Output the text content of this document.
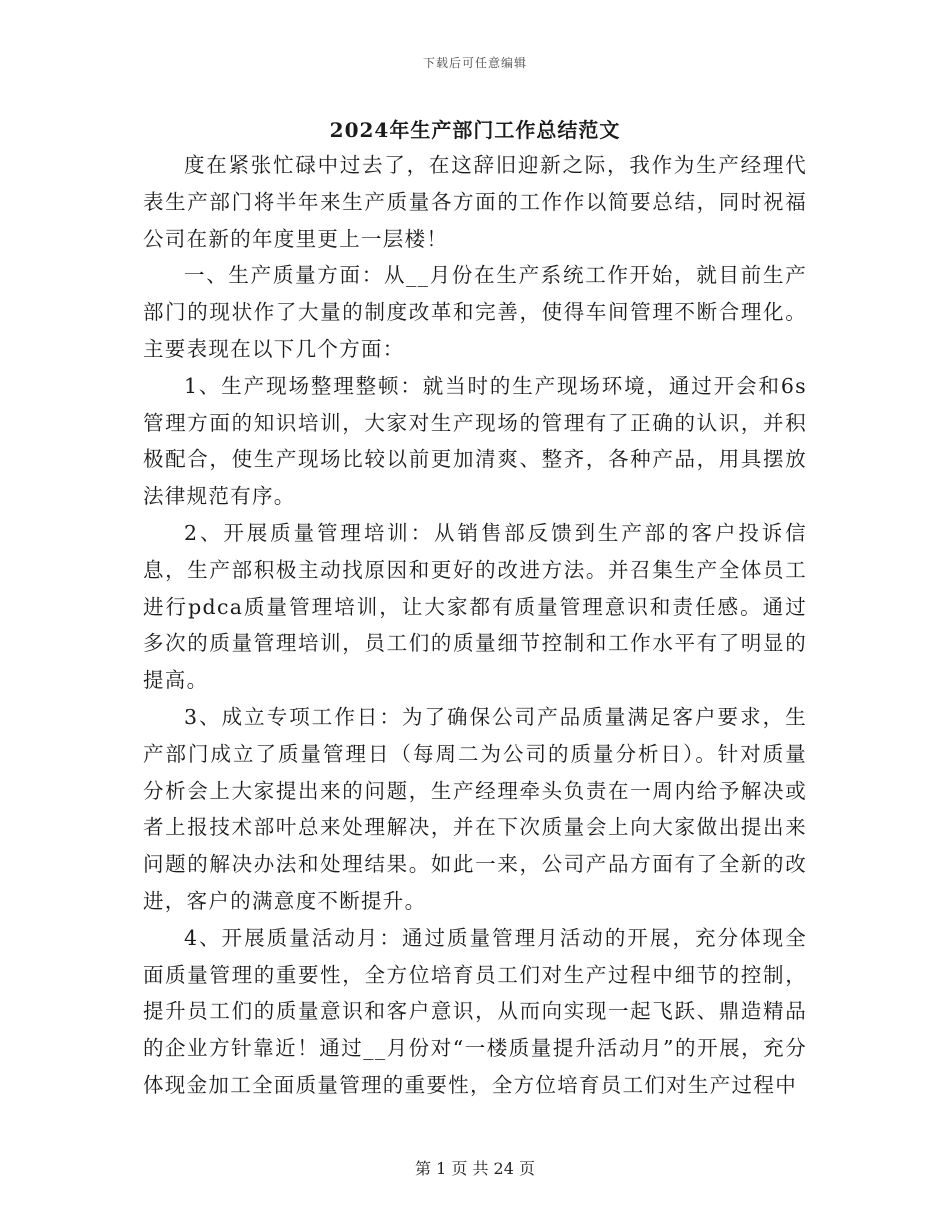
下载后可任意编辑
2024年生产部门工作总结范文

度在紧张忙碌中过去了，在这辞旧迎新之际，我作为生产经理代表生产部门将半年来生产质量各方面的工作作以简要总结，同时祝福公司在新的年度里更上一层楼！

一、生产质量方面：从__月份在生产系统工作开始，就目前生产部门的现状作了大量的制度改革和完善，使得车间管理不断合理化。主要表现在以下几个方面：

1、生产现场整理整顿：就当时的生产现场环境，通过开会和6s管理方面的知识培训，大家对生产现场的管理有了正确的认识，并积极配合，使生产现场比较以前更加清爽、整齐，各种产品，用具摆放法律规范有序。

2、开展质量管理培训：从销售部反馈到生产部的客户投诉信息，生产部积极主动找原因和更好的改进方法。并召集生产全体员工进行pdca质量管理培训，让大家都有质量管理意识和责任感。通过多次的质量管理培训，员工们的质量细节控制和工作水平有了明显的提高。

3、成立专项工作日：为了确保公司产品质量满足客户要求，生产部门成立了质量管理日（每周二为公司的质量分析日）。针对质量分析会上大家提出来的问题，生产经理牵头负责在一周内给予解决或者上报技术部叶总来处理解决，并在下次质量会上向大家做出提出来问题的解决办法和处理结果。如此一来，公司产品方面有了全新的改进，客户的满意度不断提升。

4、开展质量活动月：通过质量管理月活动的开展，充分体现全面质量管理的重要性，全方位培育员工们对生产过程中细节的控制，提升员工们的质量意识和客户意识，从而向实现一起飞跃、鼎造精品的企业方针靠近！通过__月份对“一楼质量提升活动月”的开展，充分体现金加工全面质量管理的重要性，全方位培育员工们对生产过程中

第 1 页 共 24 页
